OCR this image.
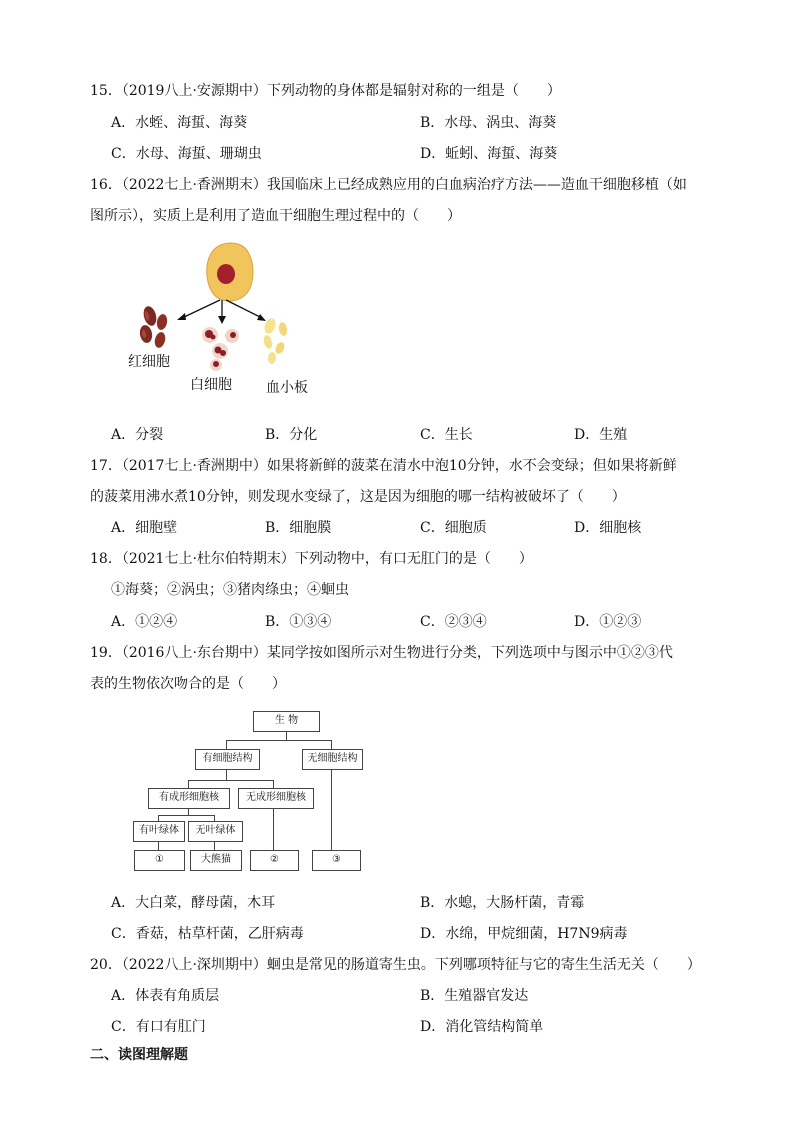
15．（2019八上·安源期中）下列动物的身体都是辐射对称的一组是（　　）
A．水蛭、海蜇、海葵	B．水母、涡虫、海葵
C．水母、海蜇、珊瑚虫	D．蚯蚓、海蜇、海葵
16．（2022七上·香洲期末）我国临床上已经成熟应用的白血病治疗方法——造血干细胞移植（如
图所示），实质上是利用了造血干细胞生理过程中的（　　）
红细胞
白细胞 血小板
A．分裂	B．分化	C．生长	D．生殖
17．（2017七上·香洲期中）如果将新鲜的菠菜在清水中泡10分钟，水不会变绿；但如果将新鲜
的菠菜用沸水煮10分钟，则发现水变绿了，这是因为细胞的哪一结构被破坏了（　　）
A．细胞壁	B．细胞膜	C．细胞质	D．细胞核
18．（2021七上·杜尔伯特期末）下列动物中，有口无肛门的是（　　）
①海葵；②涡虫；③猪肉绦虫；④蛔虫
A．①②④	B．①③④	C．②③④	D．①②③
19．（2016八上·东台期中）某同学按如图所示对生物进行分类，下列选项中与图示中①②③代
表的生物依次吻合的是（　　）
生 物
有细胞结构	无细胞结构
有成形细胞核	无成形细胞核
有叶绿体	无叶绿体
①	大熊猫	②	③
A．大白菜，酵母菌，木耳	B．水螅，大肠杆菌，青霉
C．香菇，枯草杆菌，乙肝病毒	D．水绵，甲烷细菌，H7N9病毒
20．（2022八上·深圳期中）蛔虫是常见的肠道寄生虫。下列哪项特征与它的寄生生活无关（　　）
A．体表有角质层	B．生殖器官发达
C．有口有肛门	D．消化管结构简单
二、读图理解题
